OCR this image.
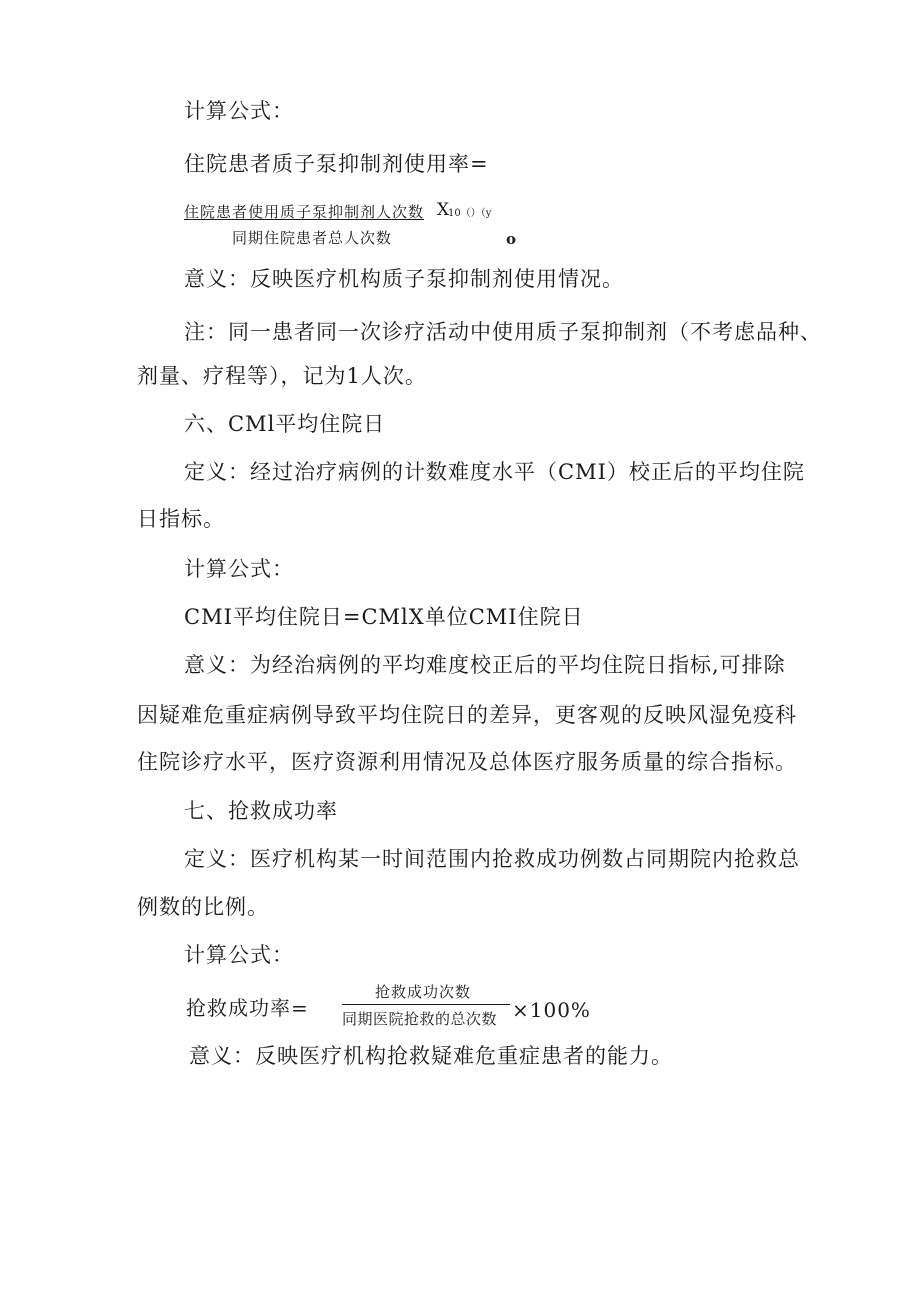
计算公式：
住院患者质子泵抑制剂使用率=
住院患者使用质子泵抑制剂人次数 X
10（）（y
同期住院患者总人次数	o
意义：反映医疗机构质子泵抑制剂使用情况。
注：同一患者同一次诊疗活动中使用质子泵抑制剂（不考虑品种、
剂量、疗程等），记为1人次。
六、CMl平均住院日
定义：经过治疗病例的计数难度水平（CMI）校正后的平均住院
日指标。
计算公式：
CMI平均住院日=CMlX单位CMI住院日
意义：为经治病例的平均难度校正后的平均住院日指标,可排除
因疑难危重症病例导致平均住院日的差异，更客观的反映风湿免疫科
住院诊疗水平，医疗资源利用情况及总体医疗服务质量的综合指标。
七、抢救成功率
定义：医疗机构某一时间范围内抢救成功例数占同期院内抢救总
例数的比例。
计算公式：
抢救成功率=
抢救成功次数
同期医院抢救的总次数 ×100%
意义：反映医疗机构抢救疑难危重症患者的能力。
